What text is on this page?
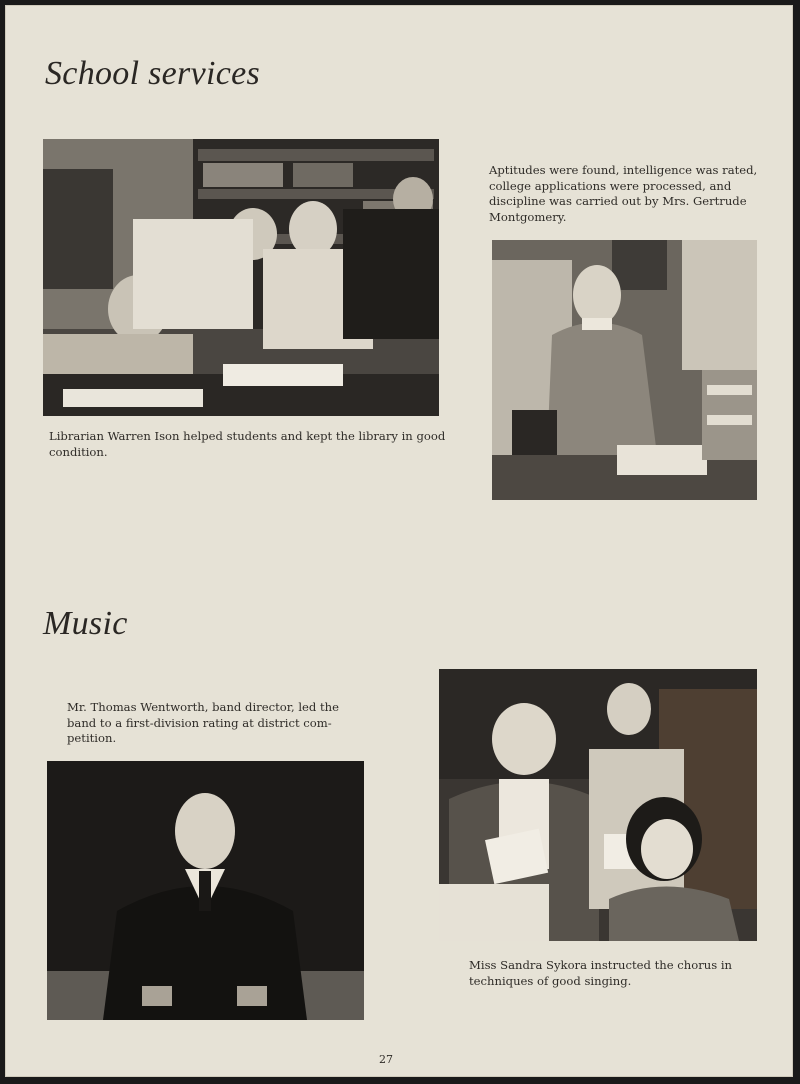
School services

Librarian Warren Ison helped students and kept the library in good condition.

Aptitudes were found, intelligence was rated, college applications were processed, and discipline was carried out by Mrs. Gertrude Montgomery.

Music

Mr. Thomas Wentworth, band director, led the band to a first-division rating at district competition.

Miss Sandra Sykora instructed the chorus in techniques of good singing.

27
